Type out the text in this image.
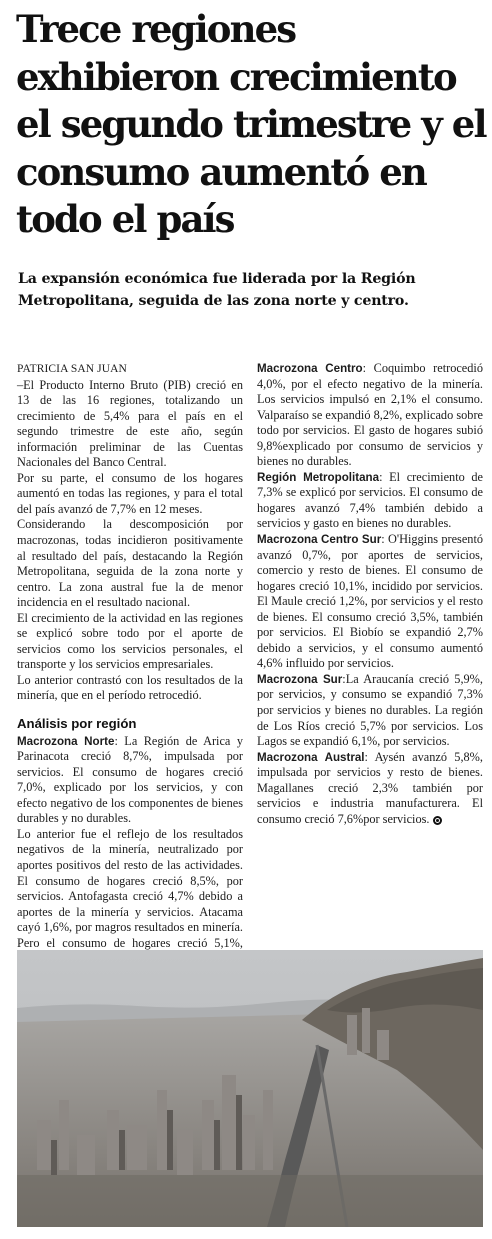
Trece regiones exhibieron crecimiento el segundo trimestre y el consumo aumentó en todo el país

La expansión económica fue liderada por la Región Metropolitana, seguida de las zona norte y centro.

PATRICIA SAN JUAN

–El Producto Interno Bruto (PIB) creció en 13 de las 16 regiones, totalizando un crecimiento de 5,4% para el país en el segundo trimestre de este año, según información preliminar de las Cuentas Nacionales del Banco Central.

Por su parte, el consumo de los hogares aumentó en todas las regiones, y para el total del país avanzó de 7,7% en 12 meses.

Considerando la descomposición por macrozonas, todas incidieron positivamente al resultado del país, destacando la Región Metropolitana, seguida de la zona norte y centro. La zona austral fue la de menor incidencia en el resultado nacional.

El crecimiento de la actividad en las regiones se explicó sobre todo por el aporte de servicios como los servicios personales, el transporte y los servicios empresariales.

Lo anterior contrastó con los resultados de la minería, que en el período retrocedió.

Análisis por región

Macrozona Norte: La Región de Arica y Parinacota creció 8,7%, impulsada por servicios. El consumo de hogares creció 7,0%, explicado por los servicios, y con efecto negativo de los componentes de bienes durables y no durables.

Lo anterior fue el reflejo de los resultados negativos de la minería, neutralizado por aportes positivos del resto de las actividades. El consumo de hogares creció 8,5%, por servicios. Antofagasta creció 4,7% debido a aportes de la minería y servicios. Atacama cayó 1,6%, por magros resultados en minería. Pero el consumo de hogares creció 5,1%,

Macrozona Centro: Coquimbo retrocedió 4,0%, por el efecto negativo de la minería. Los servicios impulsó en 2,1% el consumo. Valparaíso se expandió 8,2%, explicado sobre todo por servicios. El gasto de hogares subió 9,8%explicado por consumo de servicios y bienes no durables.

Región Metropolitana: El crecimiento de 7,3% se explicó por servicios. El consumo de hogares avanzó 7,4% también debido a servicios y gasto en bienes no durables.

Macrozona Centro Sur: O'Higgins presentó avanzó 0,7%, por aportes de servicios, comercio y resto de bienes. El consumo de hogares creció 10,1%, incidido por servicios. El Maule creció 1,2%, por servicios y el resto de bienes. El consumo creció 3,5%, también por servicios. El Biobío se expandió 2,7% debido a servicios, y el consumo aumentó 4,6% influido por servicios.

Macrozona Sur:La Araucanía creció 5,9%, por servicios, y consumo se expandió 7,3% por servicios y bienes no durables. La región de Los Ríos creció 5,7% por servicios. Los Lagos se expandió 6,1%, por servicios.

Macrozona Austral: Aysén avanzó 5,8%, impulsada por servicios y resto de bienes. Magallanes creció 2,3% también por servicios e industria manufacturera. El consumo creció 7,6%por servicios.
